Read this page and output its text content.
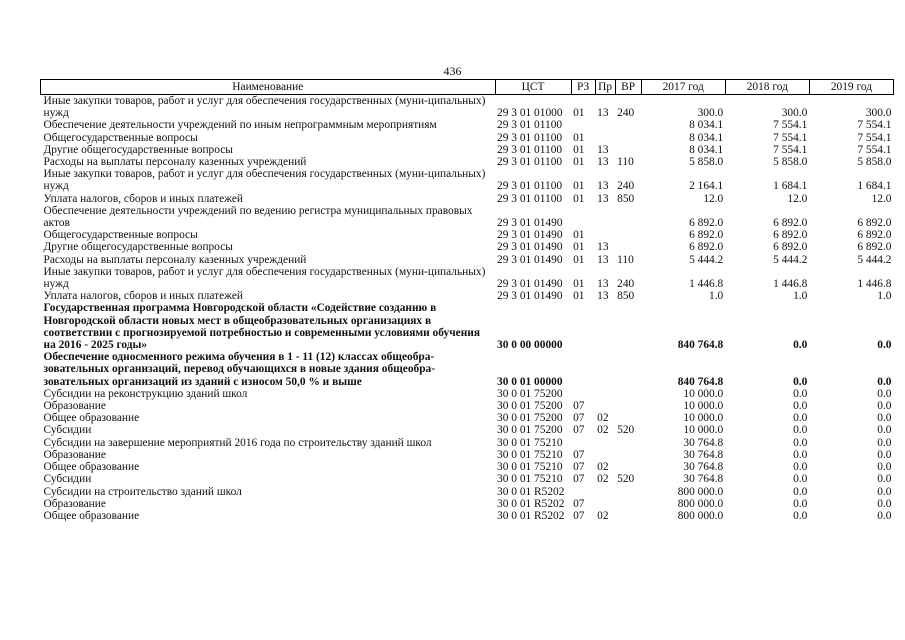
436
Наименование	ЦСТ	РЗ	Пр	ВР	2017 год	2018 год	2019 год
Иные закупки товаров, работ и услуг для обеспечения государственных (муни-ципальных) нужд	29 3 01 01000	01	13	240	300.0	300.0	300.0
Обеспечение деятельности учреждений по иным непрограммным мероприятиям	29 3 01 01100				8 034.1	7 554.1	7 554.1
Общегосударственные вопросы	29 3 01 01100	01			8 034.1	7 554.1	7 554.1
Другие общегосударственные вопросы	29 3 01 01100	01	13		8 034.1	7 554.1	7 554.1
Расходы на выплаты персоналу казенных учреждений	29 3 01 01100	01	13	110	5 858.0	5 858.0	5 858.0
Иные закупки товаров, работ и услуг для обеспечения государственных (муни-ципальных) нужд	29 3 01 01100	01	13	240	2 164.1	1 684.1	1 684.1
Уплата налогов, сборов и иных платежей	29 3 01 01100	01	13	850	12.0	12.0	12.0
Обеспечение деятельности учреждений по ведению регистра муниципальных правовых актов	29 3 01 01490				6 892.0	6 892.0	6 892.0
Общегосударственные вопросы	29 3 01 01490	01			6 892.0	6 892.0	6 892.0
Другие общегосударственные вопросы	29 3 01 01490	01	13		6 892.0	6 892.0	6 892.0
Расходы на выплаты персоналу казенных учреждений	29 3 01 01490	01	13	110	5 444.2	5 444.2	5 444.2
Иные закупки товаров, работ и услуг для обеспечения государственных (муни-ципальных) нужд	29 3 01 01490	01	13	240	1 446.8	1 446.8	1 446.8
Уплата налогов, сборов и иных платежей	29 3 01 01490	01	13	850	1.0	1.0	1.0
Государственная программа Новгородской области «Содействие созданию в Новгородской области новых мест в общеобразовательных организациях в соответствии с прогнозируемой потребностью и современными условиями обучения на 2016 - 2025 годы»	30 0 00 00000				840 764.8	0.0	0.0
Обеспечение односменного режима обучения в 1 - 11 (12) классах общеобра-зовательных организаций, перевод обучающихся в новые здания общеобра-зовательных организаций из зданий с износом 50,0 % и выше	30 0 01 00000				840 764.8	0.0	0.0
Субсидии на реконструкцию зданий школ	30 0 01 75200				10 000.0	0.0	0.0
Образование	30 0 01 75200	07			10 000.0	0.0	0.0
Общее образование	30 0 01 75200	07	02		10 000.0	0.0	0.0
Субсидии	30 0 01 75200	07	02	520	10 000.0	0.0	0.0
Субсидии на завершение мероприятий 2016 года по строительству зданий школ	30 0 01 75210				30 764.8	0.0	0.0
Образование	30 0 01 75210	07			30 764.8	0.0	0.0
Общее образование	30 0 01 75210	07	02		30 764.8	0.0	0.0
Субсидии	30 0 01 75210	07	02	520	30 764.8	0.0	0.0
Субсидии на строительство зданий школ	30 0 01 R5202				800 000.0	0.0	0.0
Образование	30 0 01 R5202	07			800 000.0	0.0	0.0
Общее образование	30 0 01 R5202	07	02		800 000.0	0.0	0.0
